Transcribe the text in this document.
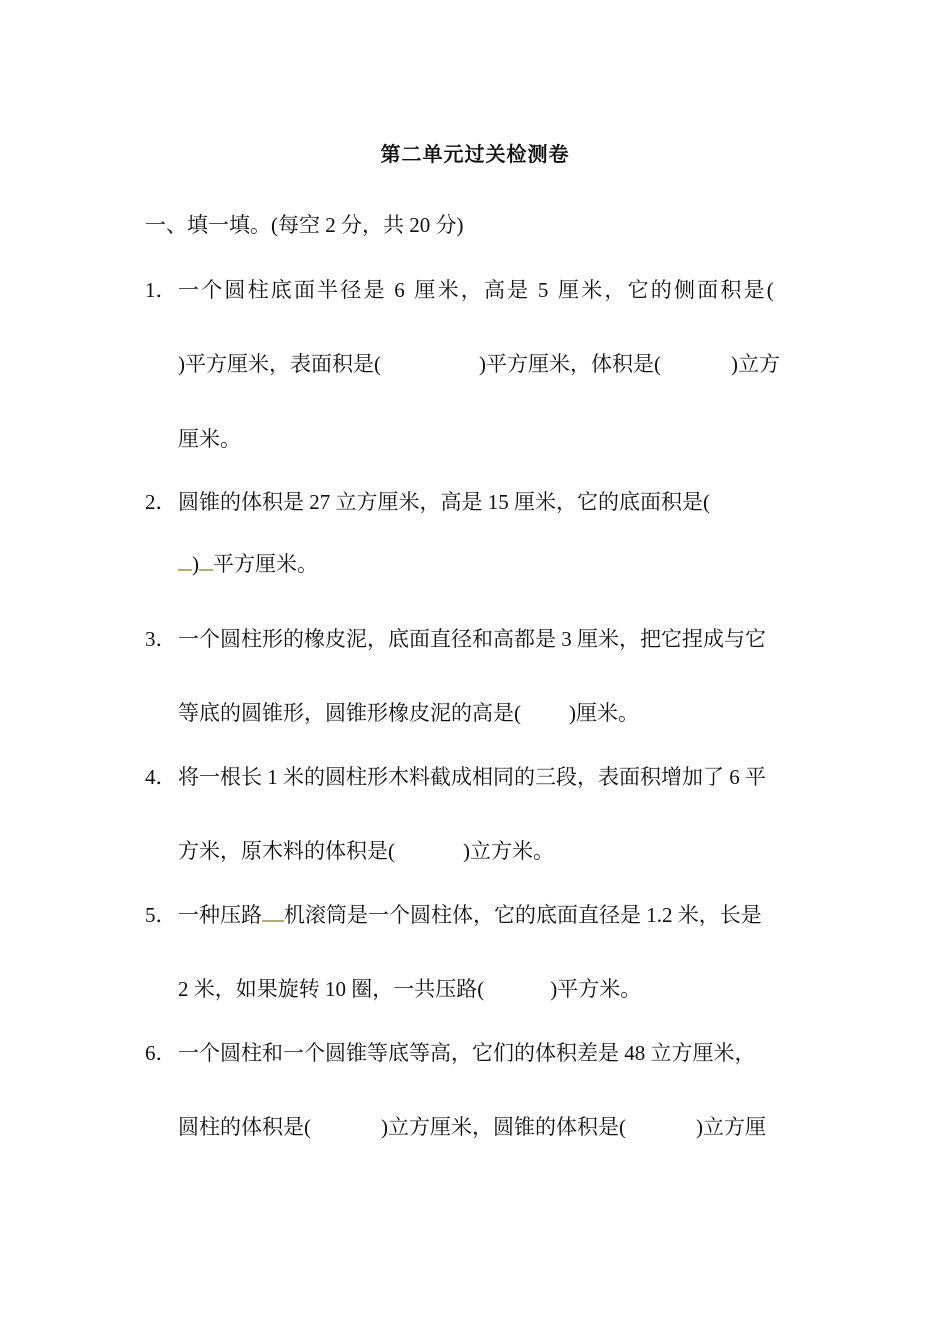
第二单元过关检测卷
一、填一填。(每空 2 分，共 20 分)
1． 一个圆柱底面半径是 6 厘米，高是 5 厘米，它的侧面积是(
)平方厘米，表面积是(	)平方厘米，体积是(	)立方
厘米。
2． 圆锥的体积是 27 立方厘米，高是 15 厘米，它的底面积是(
) 平方厘米。
3． 一个圆柱形的橡皮泥，底面直径和高都是 3 厘米，把它捏成与它
等底的圆锥形，圆锥形橡皮泥的高是( )厘米。
4． 将一根长 1 米的圆柱形木料截成相同的三段，表面积增加了 6 平
方米，原木料的体积是(	)立方米。
5． 一种压路 机滚筒是一个圆柱体，它的底面直径是 1.2 米，长是
2 米，如果旋转 10 圈，一共压路(	)平方米。
6． 一个圆柱和一个圆锥等底等高，它们的体积差是 48 立方厘米，
圆柱的体积是(	)立方厘米，圆锥的体积是(	)立方厘
